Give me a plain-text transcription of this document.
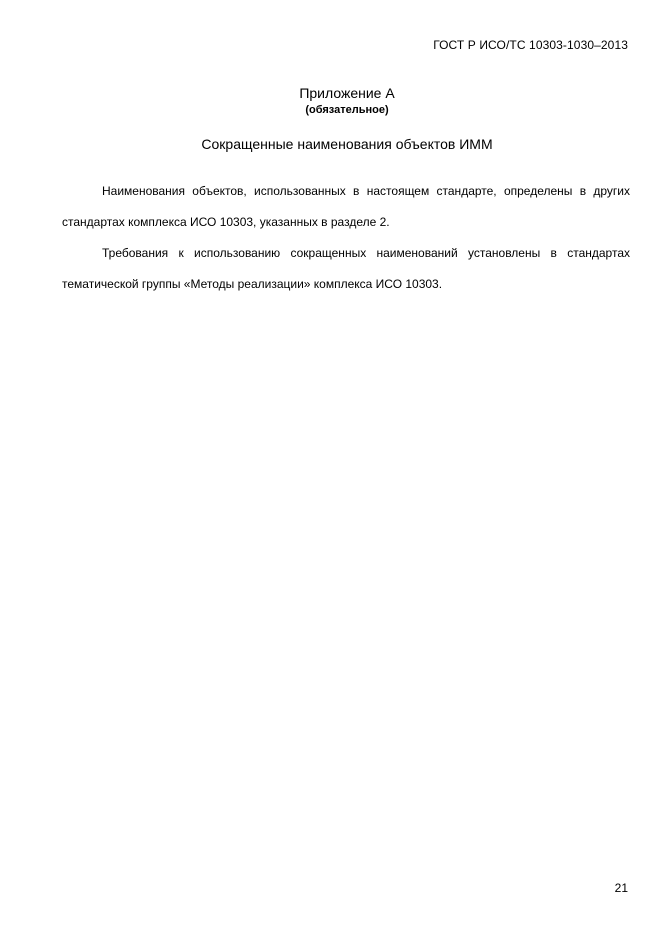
ГОСТ Р ИСО/ТС 10303-1030–2013
Приложение А
(обязательное)
Сокращенные наименования объектов ИММ

Наименования объектов, использованных в настоящем стандарте, определены в других стандартах комплекса ИСО 10303, указанных в разделе 2.

Требования к использованию сокращенных наименований установлены в стандартах тематической группы «Методы реализации» комплекса ИСО 10303.

21
